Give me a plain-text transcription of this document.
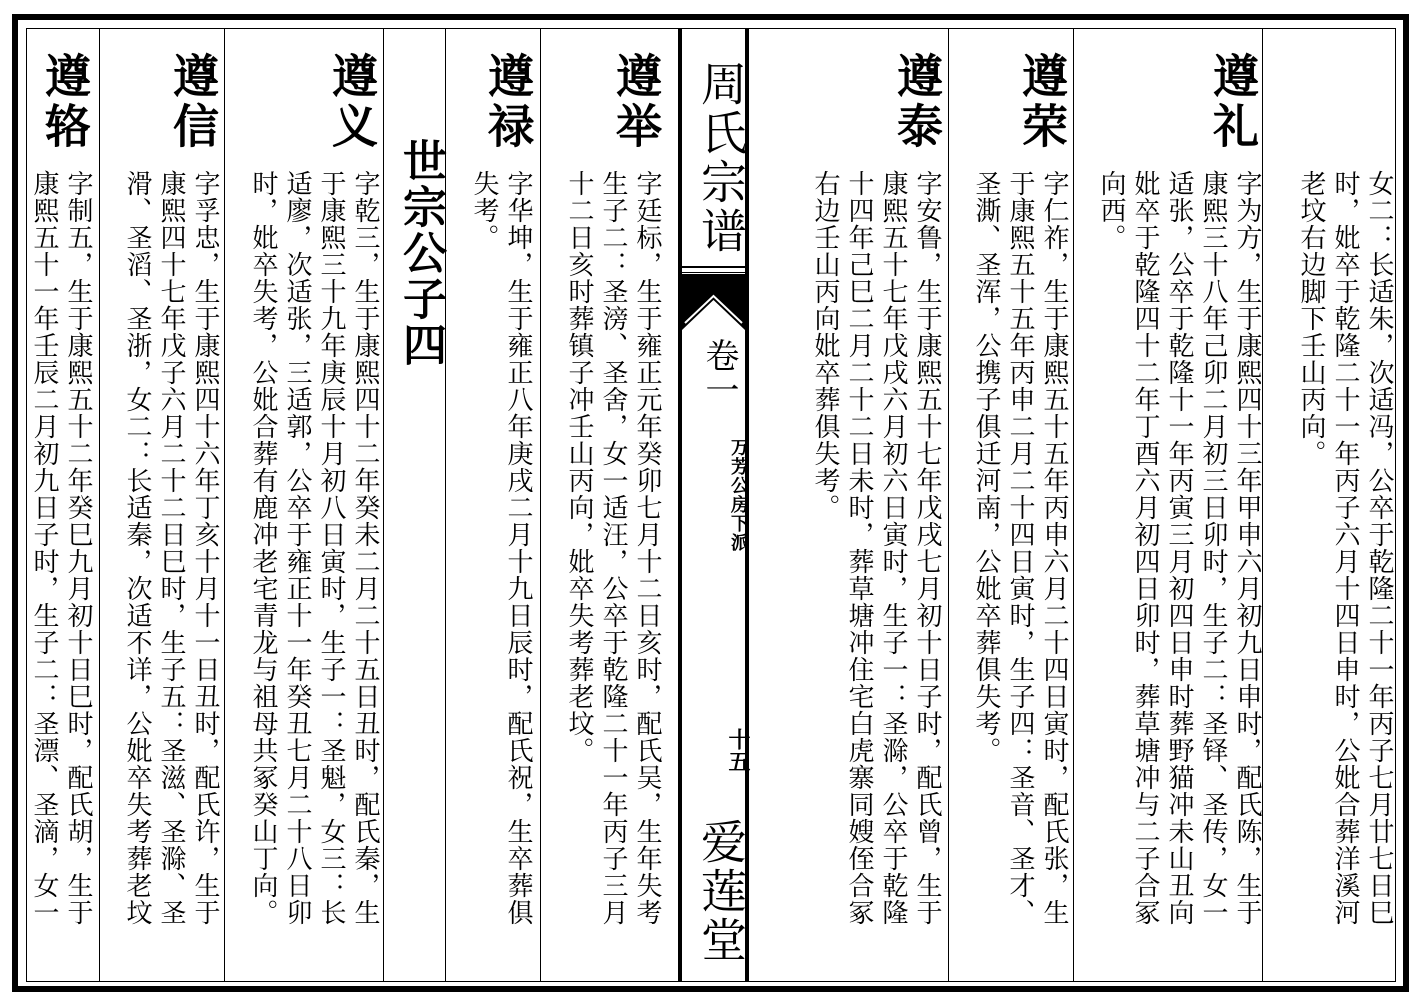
周氏宗谱

卷一

万芳公房下派

十五

爱莲堂	女二：长适朱，次适冯，公卒于乾隆二十一年丙子七月廿七日巳
时，妣卒于乾隆二十一年丙子六月十四日申时，公妣合葬洋溪河
老坟右边脚下壬山丙向。

遵礼

字为方，生于康熙四十三年甲申六月初九日申时，配氏陈，生于
康熙三十八年己卯二月初三日卯时，生子二：圣铎、圣传，女一
适张，公卒于乾隆十一年丙寅三月初四日申时葬野猫冲未山丑向
妣卒于乾隆四十二年丁酉六月初四日卯时，葬草塘冲与二子合冢
向西。

遵荣

字仁祚，生于康熙五十五年丙申六月二十四日寅时，配氏张，生
于康熙五十五年丙申二月二十四日寅时，生子四：圣音、圣才、
圣澌、圣浑，公携子俱迁河南，公妣卒葬俱失考。

遵泰

字安鲁，生于康熙五十七年戊戌七月初十日子时，配氏曾，生于
康熙五十七年戊戌六月初六日寅时，生子一：圣滁，公卒于乾隆
十四年己巳二月二十二日未时，葬草塘冲住宅白虎寨同嫂侄合冢
右边壬山丙向妣卒葬俱失考。

遵举

字廷标，生于雍正元年癸卯七月十二日亥时，配氏吴，生年失考
生子二：圣滂、圣舍，女一适汪，公卒于乾隆二十一年丙子三月
十二日亥时葬镇子冲壬山丙向，妣卒失考葬老坟。

遵禄

字华坤，生于雍正八年庚戌二月十九日辰时，配氏祝，生卒葬俱
失考。

世宗公子四

遵义

字乾三，生于康熙四十二年癸未二月二十五日丑时，配氏秦，生
于康熙三十九年庚辰十月初八日寅时，生子一：圣魁，女三：长
适廖，次适张，三适郭，公卒于雍正十一年癸丑七月二十八日卯
时，妣卒失考，公妣合葬有鹿冲老宅青龙与祖母共冢癸山丁向。

遵信

字孚忠，生于康熙四十六年丁亥十月十一日丑时，配氏许，生于
康熙四十七年戊子六月二十二日巳时，生子五：圣滋、圣滁、圣
滑、圣滔、圣浙，女二：长适秦，次适不详，公妣卒失考葬老坟

遵辂

字制五，生于康熙五十二年癸巳九月初十日巳时，配氏胡，生于
康熙五十一年壬辰二月初九日子时，生子二：圣漂、圣滴，女一
